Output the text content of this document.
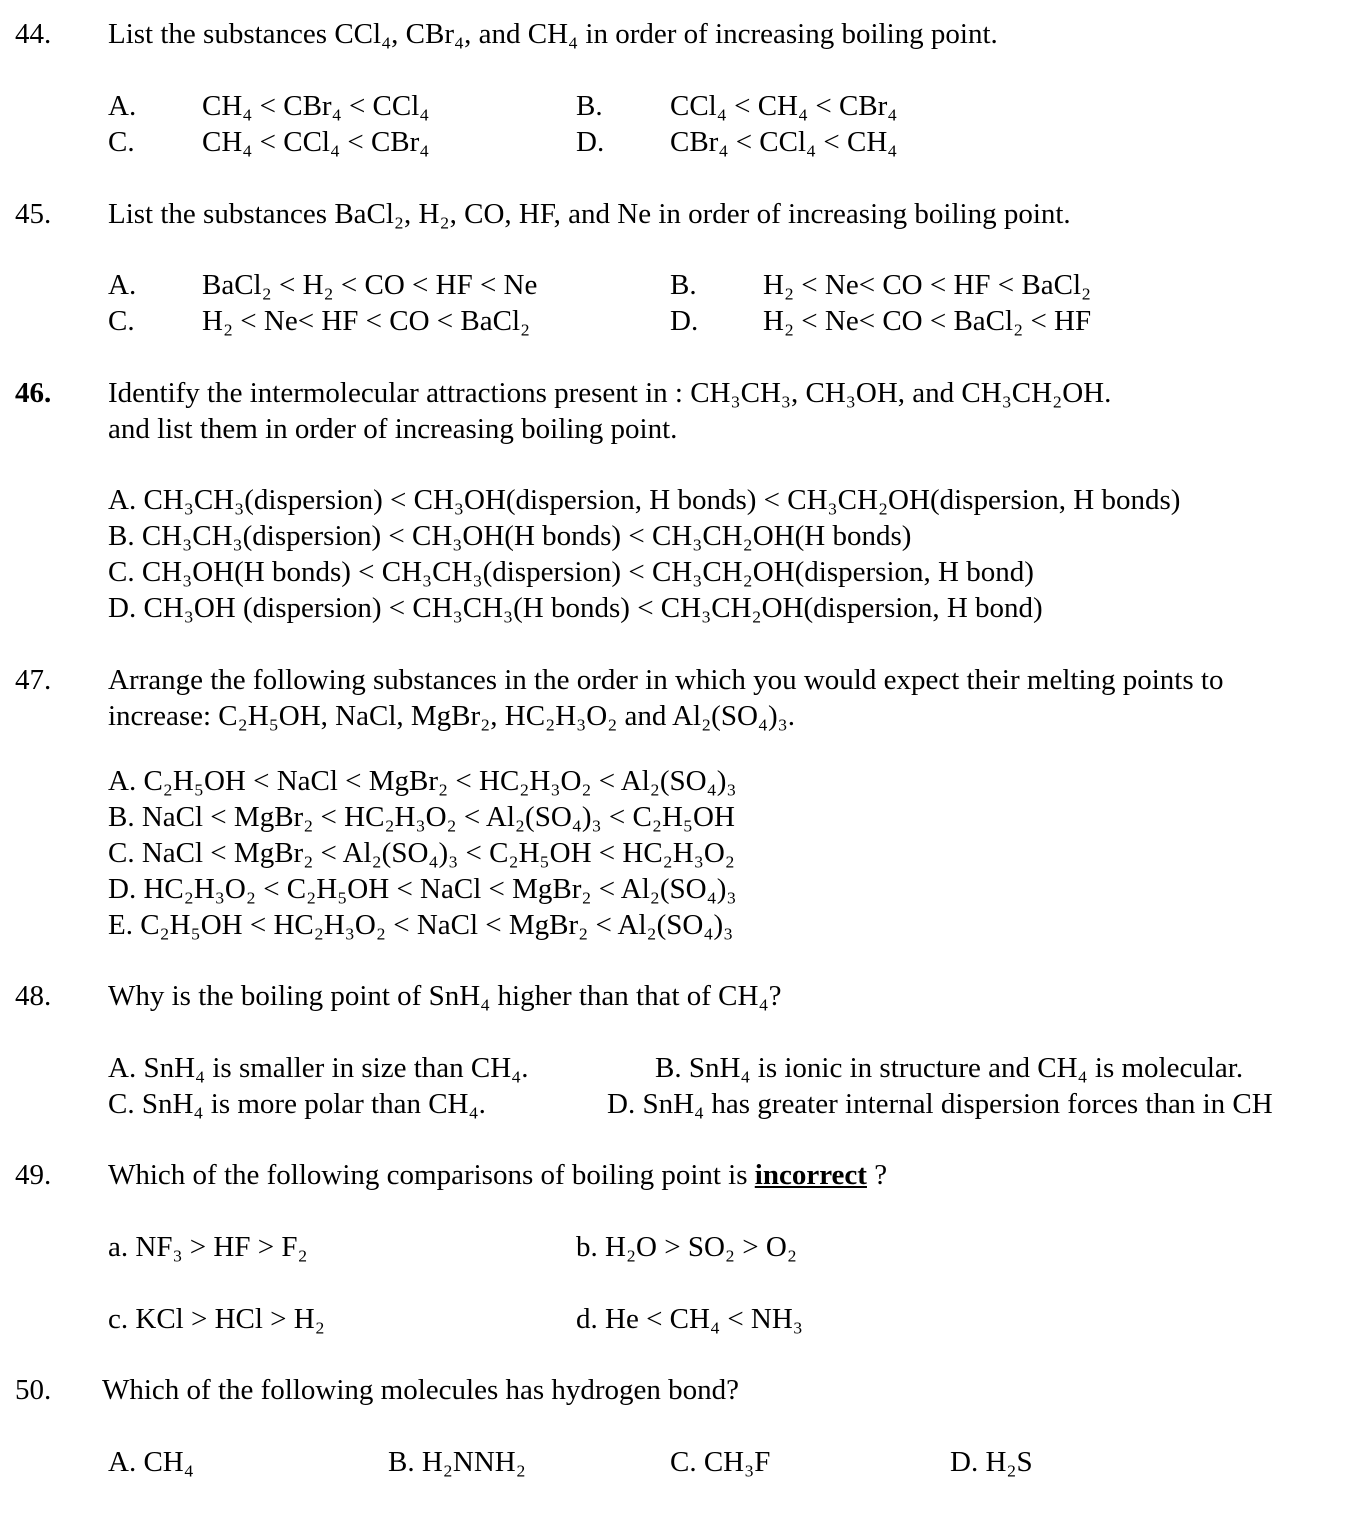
44. List the substances CCl₄, CBr₄, and CH₄ in order of increasing boiling point.
A. CH₄ < CBr₄ < CCl₄	B. CCl₄ < CH₄ < CBr₄
C. CH₄ < CCl₄ < CBr₄	D. CBr₄ < CCl₄ < CH₄
45. List the substances BaCl₂, H₂, CO, HF, and Ne in order of increasing boiling point.
A. BaCl₂ < H₂ < CO < HF < Ne	B. H₂ < Ne< CO < HF < BaCl₂
C. H₂ < Ne< HF < CO < BaCl₂	D. H₂ < Ne< CO < BaCl₂ < HF
46. Identify the intermolecular attractions present in : CH₃CH₃, CH₃OH, and CH₃CH₂OH.
and list them in order of increasing boiling point.
A. CH₃CH₃(dispersion) < CH₃OH(dispersion, H bonds) < CH₃CH₂OH(dispersion, H bonds)
B. CH₃CH₃(dispersion) < CH₃OH(H bonds) < CH₃CH₂OH(H bonds)
C. CH₃OH(H bonds) < CH₃CH₃(dispersion) < CH₃CH₂OH(dispersion, H bond)
D. CH₃OH (dispersion) < CH₃CH₃(H bonds) < CH₃CH₂OH(dispersion, H bond)
47. Arrange the following substances in the order in which you would expect their melting points to
increase: C₂H₅OH, NaCl, MgBr₂, HC₂H₃O₂ and Al₂(SO₄)₃.
A. C₂H₅OH < NaCl < MgBr₂ < HC₂H₃O₂ < Al₂(SO₄)₃
B. NaCl < MgBr₂ < HC₂H₃O₂ < Al₂(SO₄)₃ < C₂H₅OH
C. NaCl < MgBr₂ < Al₂(SO₄)₃ < C₂H₅OH < HC₂H₃O₂
D. HC₂H₃O₂ < C₂H₅OH < NaCl < MgBr₂ < Al₂(SO₄)₃
E. C₂H₅OH < HC₂H₃O₂ < NaCl < MgBr₂ < Al₂(SO₄)₃
48. Why is the boiling point of SnH₄ higher than that of CH₄?
A. SnH₄ is smaller in size than CH₄.	B. SnH₄ is ionic in structure and CH₄ is molecular.
C. SnH₄ is more polar than CH₄.	D. SnH₄ has greater internal dispersion forces than in CH
49. Which of the following comparisons of boiling point is incorrect ?
a. NF₃ > HF > F₂	b. H₂O > SO₂ > O₂
c. KCl > HCl > H₂	d. He < CH₄ < NH₃
50. Which of the following molecules has hydrogen bond?
A. CH₄	B. H₂NNH₂	C. CH₃F	D. H₂S
